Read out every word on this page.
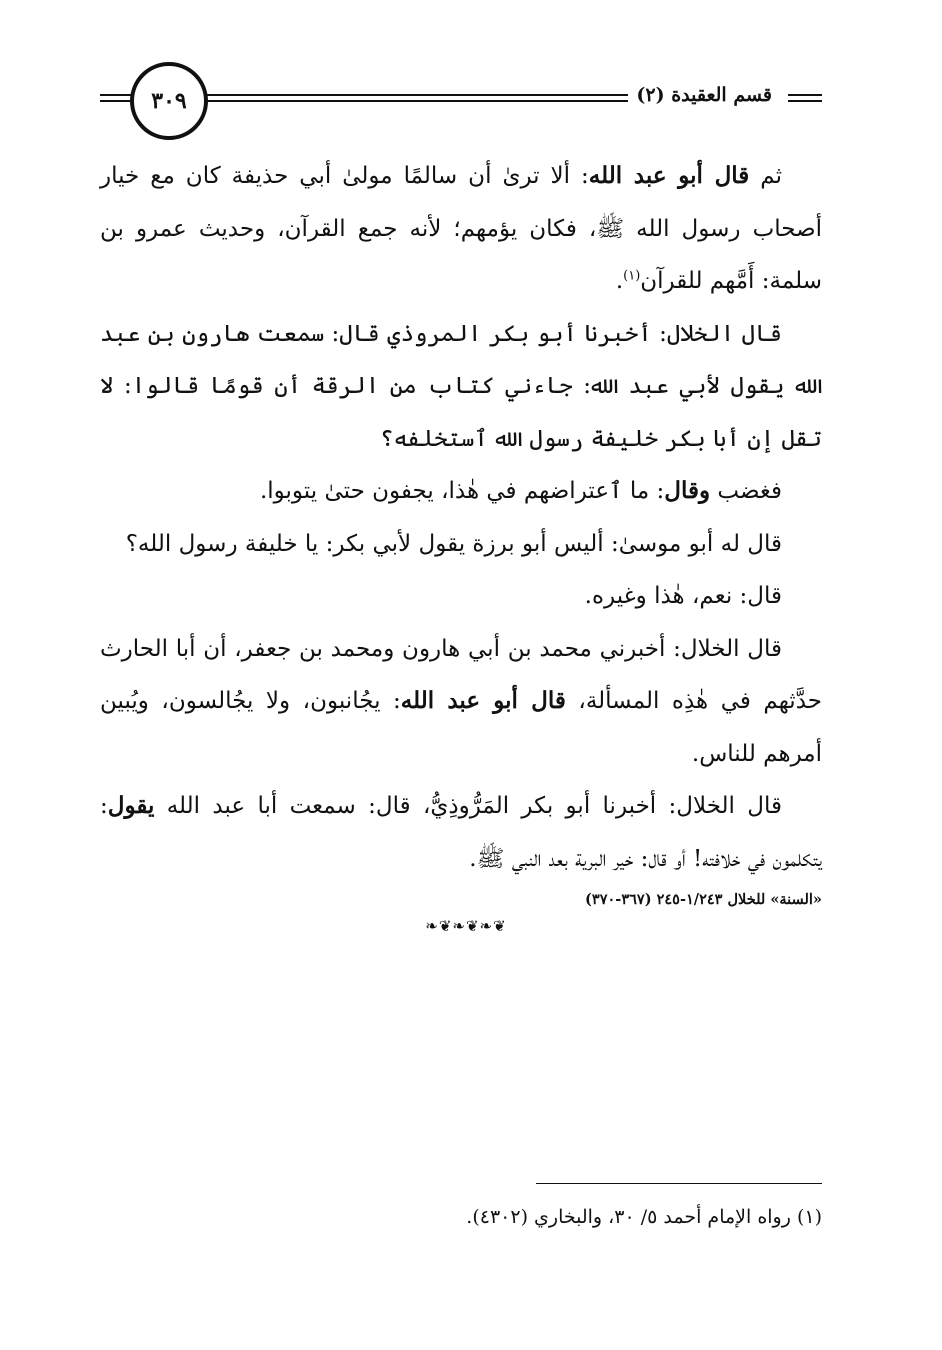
٣٠٩	قسم العقيدة (٢)

ثم قال أبو عبد الله: ألا ترىٰ أن سالمًا مولىٰ أبي حذيفة كان مع خيار أصحاب رسول الله ﷺ، فكان يؤمهم؛ لأنه جمع القرآن، وحديث عمرو بن سلمة: أَمَّهم للقرآن$^{(١)}$.

قال الخلال: أخبرنا أبو بكر المروذي قال: سمعت هارون بن عبد الله يقول لأبي عبد الله: جاءني كتاب من الرقة أن قومًا قالوا: لا تقل إن أبا بكر خليفة رسول الله ٱستخلفه؟

فغضب وقال: ما ٱعتراضهم في هٰذا، يجفون حتىٰ يتوبوا.

قال له أبو موسىٰ: أليس أبو برزة يقول لأبي بكر: يا خليفة رسول الله؟

قال: نعم، هٰذا وغيره.

قال الخلال: أخبرني محمد بن أبي هارون ومحمد بن جعفر، أن أبا الحارث حدَّثهم في هٰذِه المسألة، قال أبو عبد الله: يجُانبون، ولا يجُالسون، ويُبين أمرهم للناس.

قال الخلال: أخبرنا أبو بكر المَرُّوذِيُّ، قال: سمعت أبا عبد الله يقول: يتكلمون في خلافته! أو قال: خير البرية بعد النبي ﷺ.

«السنة» للخلال ١/٢٤٣-٢٤٥ (٣٦٧-٣٧٠)
❧❦❧❦❧❦
(١) رواه الإمام أحمد ٥/ ٣٠، والبخاري (٤٣٠٢).
